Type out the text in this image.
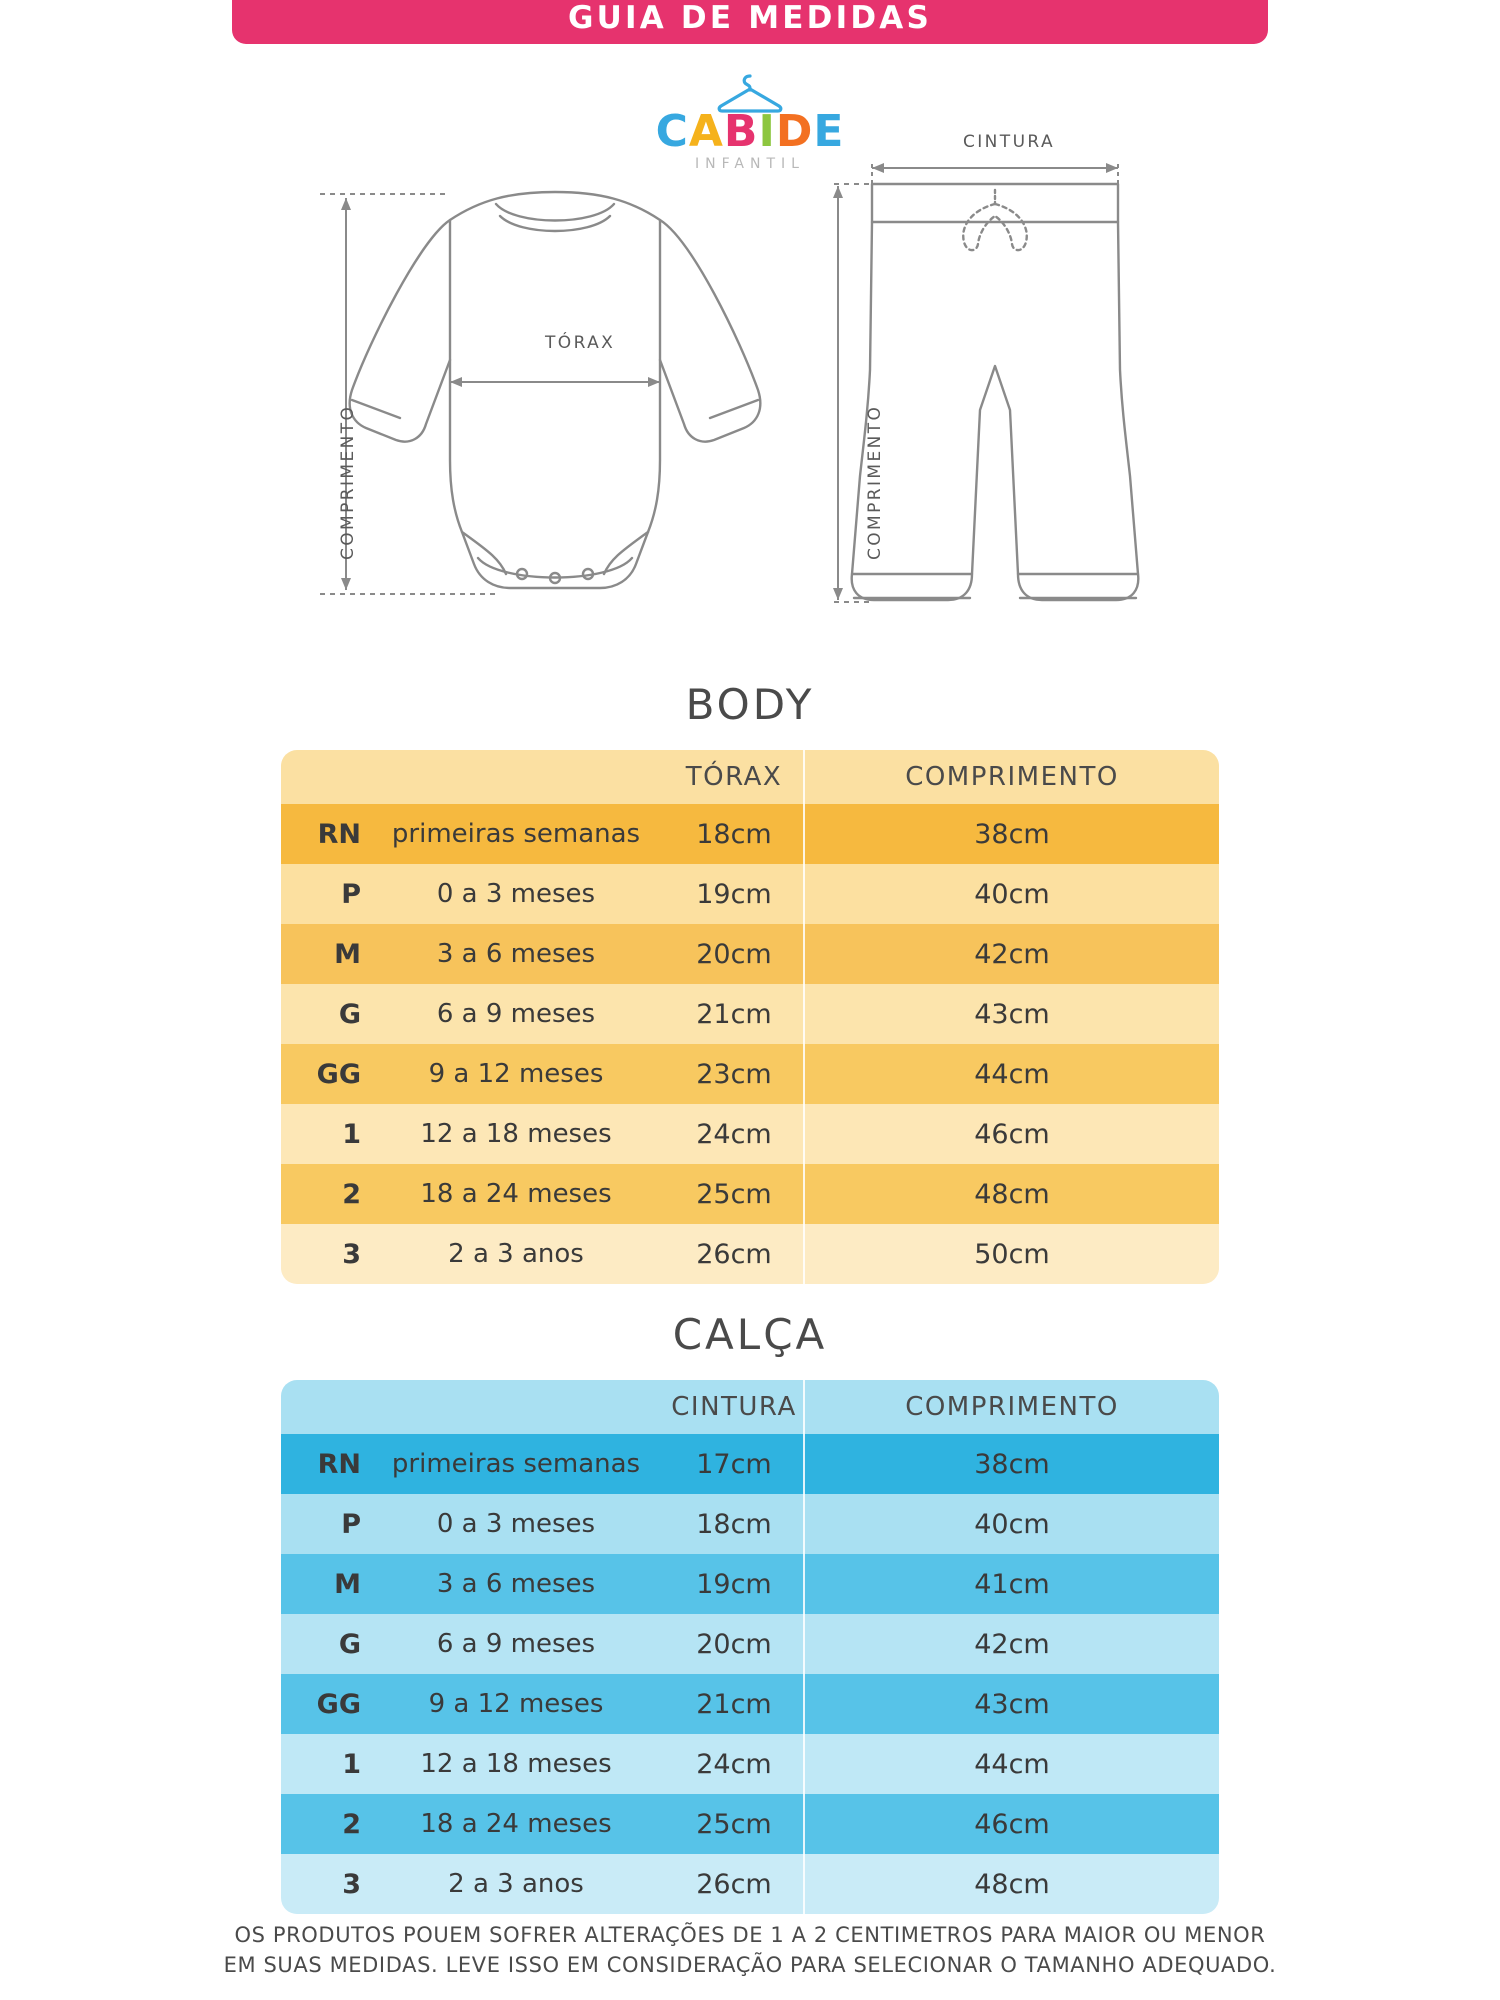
GUIA DE MEDIDAS
CABIDE
INFANTIL
TÓRAX
COMPRIMENTO
CINTURA
COMPRIMENTO
BODY
TÓRAX	COMPRIMENTO
RN	primeiras semanas	18cm	38cm
P	0 a 3 meses	19cm	40cm
M	3 a 6 meses	20cm	42cm
G	6 a 9 meses	21cm	43cm
GG	9 a 12 meses	23cm	44cm
1	12 a 18 meses	24cm	46cm
2	18 a 24 meses	25cm	48cm
3	2 a 3 anos	26cm	50cm
CALÇA
CINTURA	COMPRIMENTO
RN	primeiras semanas	17cm	38cm
P	0 a 3 meses	18cm	40cm
M	3 a 6 meses	19cm	41cm
G	6 a 9 meses	20cm	42cm
GG	9 a 12 meses	21cm	43cm
1	12 a 18 meses	24cm	44cm
2	18 a 24 meses	25cm	46cm
3	2 a 3 anos	26cm	48cm
OS PRODUTOS POUEM SOFRER ALTERAÇÕES DE 1 A 2 CENTIMETROS PARA MAIOR OU MENOR
EM SUAS MEDIDAS. LEVE ISSO EM CONSIDERAÇÃO PARA SELECIONAR O TAMANHO ADEQUADO.
